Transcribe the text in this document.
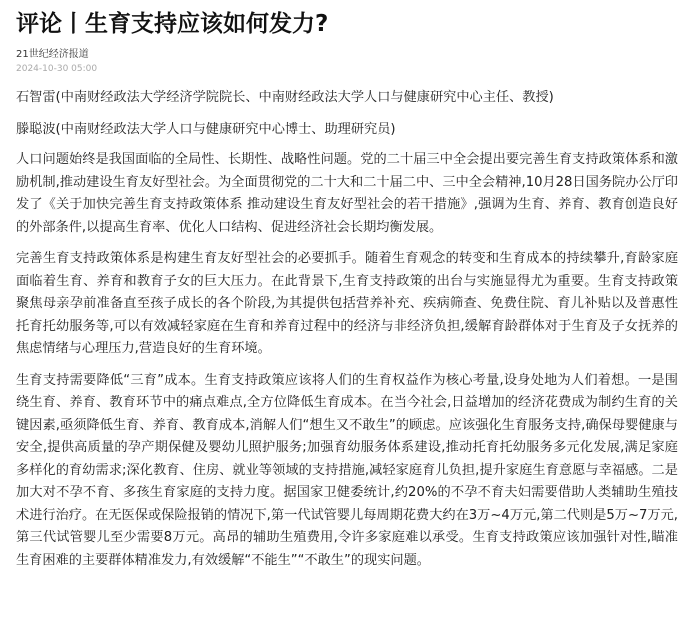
评论丨生育支持应该如何发力?
21世纪经济报道
2024-10-30 05:00
石智雷(中南财经政法大学经济学院院长、中南财经政法大学人口与健康研究中心主任、教授)
滕聪波(中南财经政法大学人口与健康研究中心博士、助理研究员)

人口问题始终是我国面临的全局性、长期性、战略性问题。党的二十届三中全会提出要完善生育支持政策体系和激励机制,推动建设生育友好型社会。为全面贯彻党的二十大和二十届二中、三中全会精神,10月28日国务院办公厅印发了《关于加快完善生育支持政策体系 推动建设生育友好型社会的若干措施》,强调为生育、养育、教育创造良好的外部条件,以提高生育率、优化人口结构、促进经济社会长期均衡发展。

完善生育支持政策体系是构建生育友好型社会的必要抓手。随着生育观念的转变和生育成本的持续攀升,育龄家庭面临着生育、养育和教育子女的巨大压力。在此背景下,生育支持政策的出台与实施显得尤为重要。生育支持政策聚焦母亲孕前准备直至孩子成长的各个阶段,为其提供包括营养补充、疾病筛查、免费住院、育儿补贴以及普惠性托育托幼服务等,可以有效减轻家庭在生育和养育过程中的经济与非经济负担,缓解育龄群体对于生育及子女抚养的焦虑情绪与心理压力,营造良好的生育环境。

生育支持需要降低“三育”成本。生育支持政策应该将人们的生育权益作为核心考量,设身处地为人们着想。一是围绕生育、养育、教育环节中的痛点难点,全方位降低生育成本。在当今社会,日益增加的经济花费成为制约生育的关键因素,亟须降低生育、养育、教育成本,消解人们“想生又不敢生”的顾虑。应该强化生育服务支持,确保母婴健康与安全,提供高质量的孕产期保健及婴幼儿照护服务;加强育幼服务体系建设,推动托育托幼服务多元化发展,满足家庭多样化的育幼需求;深化教育、住房、就业等领域的支持措施,减轻家庭育儿负担,提升家庭生育意愿与幸福感。二是加大对不孕不育、多孩生育家庭的支持力度。据国家卫健委统计,约20%的不孕不育夫妇需要借助人类辅助生殖技术进行治疗。在无医保或保险报销的情况下,第一代试管婴儿每周期花费大约在3万~4万元,第二代则是5万~7万元,第三代试管婴儿至少需要8万元。高昂的辅助生殖费用,令许多家庭难以承受。生育支持政策应该加强针对性,瞄准生育困难的主要群体精准发力,有效缓解“不能生”“不敢生”的现实问题。
